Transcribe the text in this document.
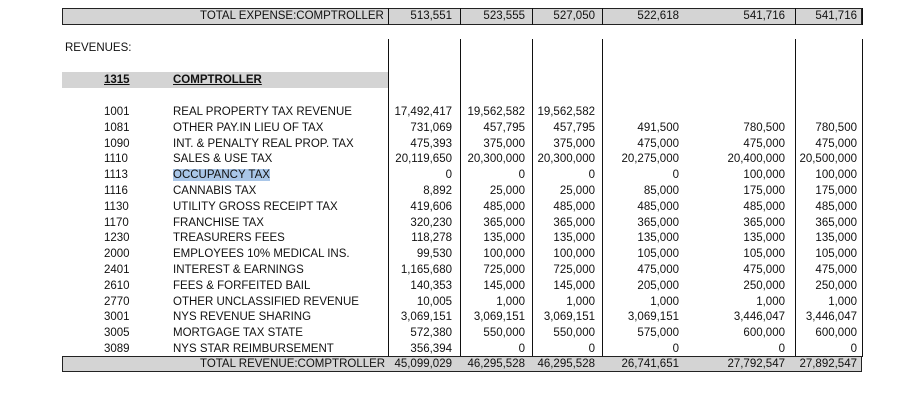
TOTAL EXPENSE:COMPTROLLER	513,551	523,555	527,050	522,618	541,716	541,716
REVENUES:
1315	COMPTROLLER
1001	REAL PROPERTY TAX REVENUE	17,492,417	19,562,582	19,562,582
1081	OTHER PAY.IN LIEU OF TAX	731,069	457,795	457,795	491,500	780,500	780,500
1090	INT. & PENALTY REAL PROP. TAX	475,393	375,000	375,000	475,000	475,000	475,000
1110	SALES & USE TAX	20,119,650	20,300,000	20,300,000	20,275,000	20,400,000	20,500,000
1113	OCCUPANCY TAX	0	0	0	0	100,000	100,000
1116	CANNABIS TAX	8,892	25,000	25,000	85,000	175,000	175,000
1130	UTILITY GROSS RECEIPT TAX	419,606	485,000	485,000	485,000	485,000	485,000
1170	FRANCHISE TAX	320,230	365,000	365,000	365,000	365,000	365,000
1230	TREASURERS FEES	118,278	135,000	135,000	135,000	135,000	135,000
2000	EMPLOYEES 10% MEDICAL INS.	99,530	100,000	100,000	105,000	105,000	105,000
2401	INTEREST & EARNINGS	1,165,680	725,000	725,000	475,000	475,000	475,000
2610	FEES & FORFEITED BAIL	140,353	145,000	145,000	205,000	250,000	250,000
2770	OTHER UNCLASSIFIED REVENUE	10,005	1,000	1,000	1,000	1,000	1,000
3001	NYS REVENUE SHARING	3,069,151	3,069,151	3,069,151	3,069,151	3,446,047	3,446,047
3005	MORTGAGE TAX STATE	572,380	550,000	550,000	575,000	600,000	600,000
3089	NYS STAR REIMBURSEMENT	356,394	0	0	0	0	0
TOTAL REVENUE:COMPTROLLER 45,099,029	46,295,528	46,295,528	26,741,651	27,792,547	27,892,547
